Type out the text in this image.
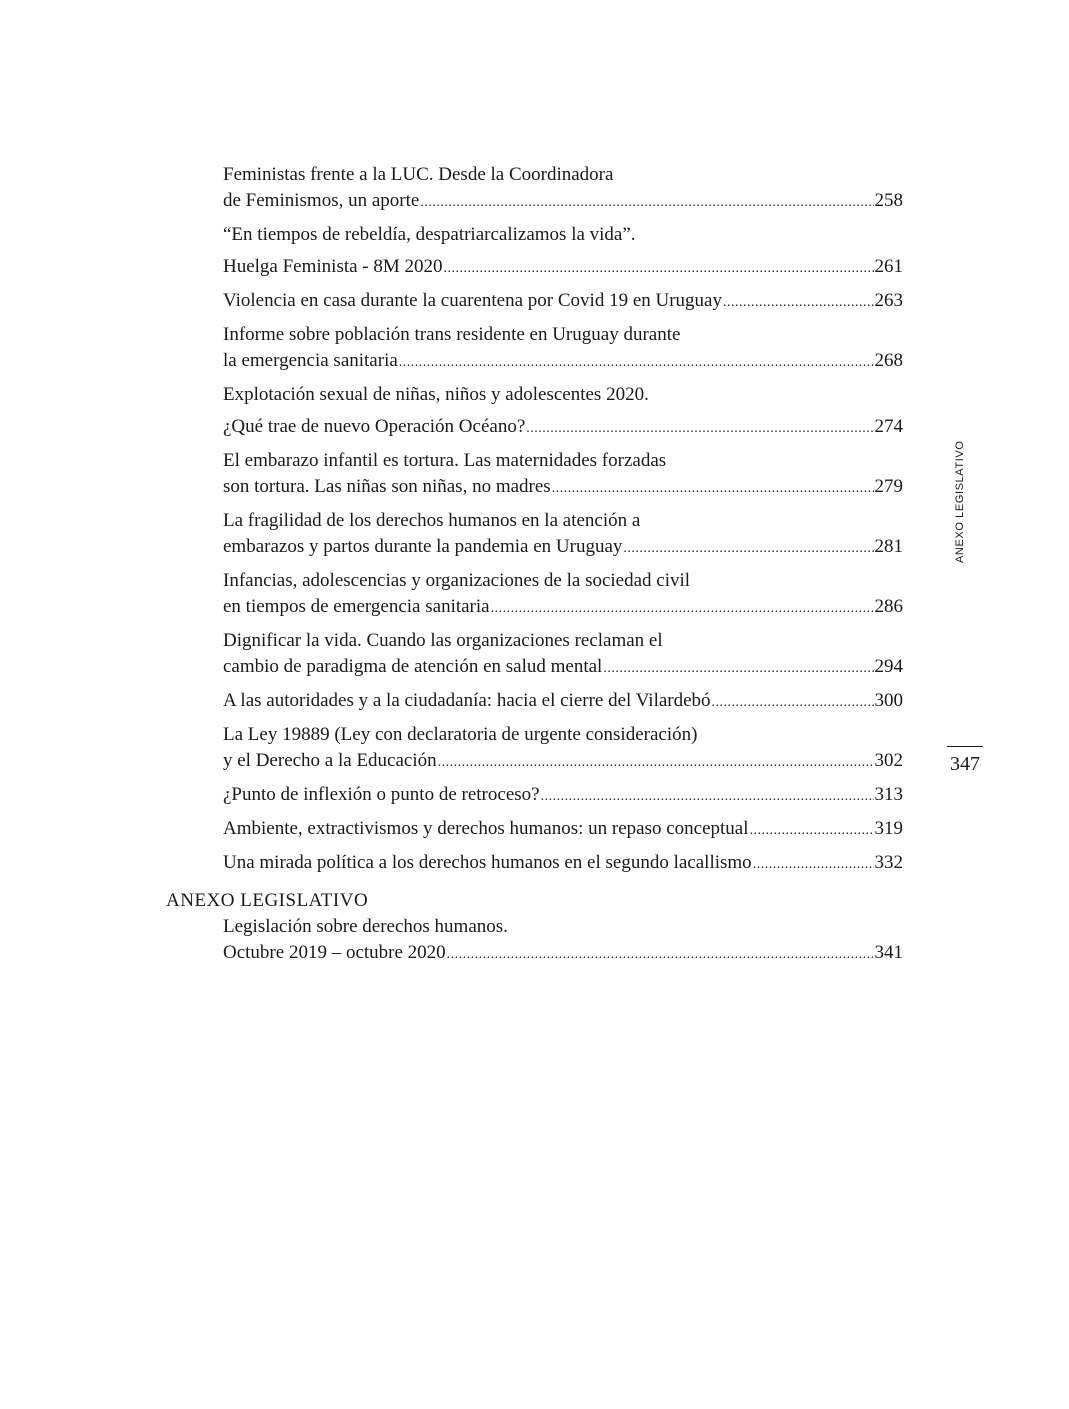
Feministas frente a la LUC. Desde la Coordinadora
de Feminismos, un aporte .....	258
“En tiempos de rebeldía, despatriarcalizamos la vida”.
Huelga Feminista - 8M 2020 .....	261
Violencia en casa durante la cuarentena por Covid 19 en Uruguay .....	263
Informe sobre población trans residente en Uruguay durante
la emergencia sanitaria .....	268
Explotación sexual de niñas, niños y adolescentes 2020.
¿Qué trae de nuevo Operación Océano? .....	274
El embarazo infantil es tortura. Las maternidades forzadas
son tortura. Las niñas son niñas, no madres .....	279
La fragilidad de los derechos humanos en la atención a
embarazos y partos durante la pandemia en Uruguay .....	281
Infancias, adolescencias y organizaciones de la sociedad civil
en tiempos de emergencia sanitaria .....	286
Dignificar la vida. Cuando las organizaciones reclaman el
cambio de paradigma de atención en salud mental .....	294
A las autoridades y a la ciudadanía: hacia el cierre del Vilardebó .....	300
La Ley 19889 (Ley con declaratoria de urgente consideración)
y el Derecho a la Educación .....	302
¿Punto de inflexión o punto de retroceso? .....	313
Ambiente, extractivismos y derechos humanos: un repaso conceptual .....	319
Una mirada política a los derechos humanos en el segundo lacallismo .....	332
ANEXO LEGISLATIVO
Legislación sobre derechos humanos.
Octubre 2019 – octubre 2020 .....	341
ANEXO LEGISLATIVO
347
